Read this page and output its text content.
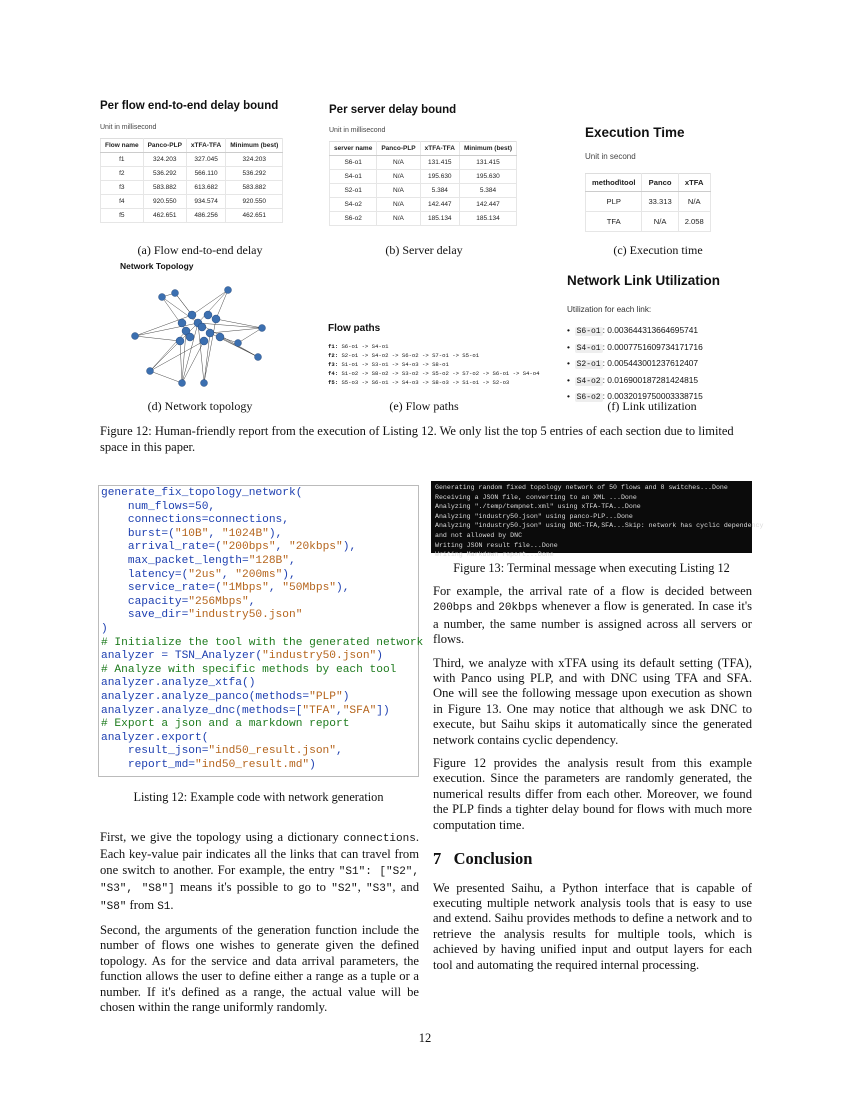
Per flow end-to-end delay bound
Unit in millisecond
Flow name	Panco-PLP	xTFA-TFA	Minimum (best)
f1	324.203	327.045	324.203
f2	536.292	566.110	536.292
f3	583.882	613.682	583.882
f4	920.550	934.574	920.550
f5	462.651	486.256	462.651
(a) Flow end-to-end delay
Per server delay bound
Unit in millisecond
server name	Panco-PLP	xTFA-TFA	Minimum (best)
S6-o1	N/A	131.415	131.415
S4-o1	N/A	195.630	195.630
S2-o1	N/A	5.384	5.384
S4-o2	N/A	142.447	142.447
S6-o2	N/A	185.134	185.134
(b) Server delay
Execution Time
Unit in second
method\tool	Panco	xTFA
PLP	33.313	N/A
TFA	N/A	2.058
(c) Execution time
Network Topology
(d) Network topology
Flow paths
f1: S6-o1 -> S4-o1
f2: S2-o1 -> S4-o2 -> S6-o2 -> S7-o1 -> S5-o1
f3: S1-o1 -> S3-o1 -> S4-o3 -> S8-o1
f4: S1-o2 -> S8-o2 -> S3-o2 -> S5-o2 -> S7-o2 -> S6-o1 -> S4-o4
f5: S5-o3 -> S6-o1 -> S4-o3 -> S8-o3 -> S1-o1 -> S2-o3
(e) Flow paths
Network Link Utilization
Utilization for each link:
• S6-o1 : 0.003644313664695741
• S4-o1 : 0.0007751609734171716
• S2-o1 : 0.005443001237612407
• S4-o2 : 0.01690018728142481​5
• S6-o2 : 0.003201975000333871​5
(f) Link utilization
Figure 12: Human-friendly report from the execution of Listing 12. We only list the top 5 entries of each section due to limited space in this paper.
generate_fix_topology_network(
num_flows=50,
connections=connections,
burst=("10B", "1024B"),
arrival_rate=("200bps", "20kbps"),
max_packet_length="128B",
latency=("2us", "200ms"),
service_rate=("1Mbps", "50Mbps"),
capacity="256Mbps",
save_dir="industry50.json"
)
# Initialize the tool with the generated network
analyzer = TSN_Analyzer("industry50.json")
# Analyze with specific methods by each tool
analyzer.analyze_xtfa()
analyzer.analyze_panco(methods="PLP")
analyzer.analyze_dnc(methods=["TFA","SFA"])
# Export a json and a markdown report
analyzer.export(
result_json="ind50_result.json",
report_md="ind50_result.md")
Listing 12: Example code with network generation
Generating random fixed topology network of 50 flows and 8 switches...Done
Receiving a JSON file, converting to an XML ...Done
Analyzing "./temp/tempnet.xml" using xTFA-TFA...Done
Analyzing "industry50.json" using panco-PLP...Done
Analyzing "industry50.json" using DNC-TFA,SFA...Skip: network has cyclic dependency
and not allowed by DNC
Writing JSON result file...Done
Writing Markdown report...Done
Figure 13: Terminal message when executing Listing 12

First, we give the topology using a dictionary connections. Each key-value pair indicates all the links that can travel from one switch to another. For example, the entry "S1": ["S2", "S3", "S8"] means it's possible to go to "S2", "S3", and "S8" from S1.

Second, the arguments of the generation function include the number of flows one wishes to generate given the defined topology. As for the service and data arrival parameters, the function allows the user to define either a range as a tuple or a number. If it's defined as a range, the actual value will be chosen within the range uniformly randomly.

For example, the arrival rate of a flow is decided between 200bps and 20kbps whenever a flow is generated. In case it's a number, the same number is assigned across all servers or flows.

Third, we analyze with xTFA using its default setting (TFA), with Panco using PLP, and with DNC using TFA and SFA. One will see the following message upon execution as shown in Figure 13. One may notice that although we ask DNC to execute, but Saihu skips it automatically since the generated network contains cyclic dependency.

Figure 12 provides the analysis result from this example execution. Since the parameters are randomly generated, the numerical results differ from each other. Moreover, we found the PLP finds a tighter delay bound for flows with much more computation time.

7 Conclusion

We presented Saihu, a Python interface that is capable of executing multiple network analysis tools that is easy to use and extend. Saihu provides methods to define a network and to retrieve the analysis results for multiple tools, which is achieved by having unified input and output layers for each tool and automating the required internal processing.

12
